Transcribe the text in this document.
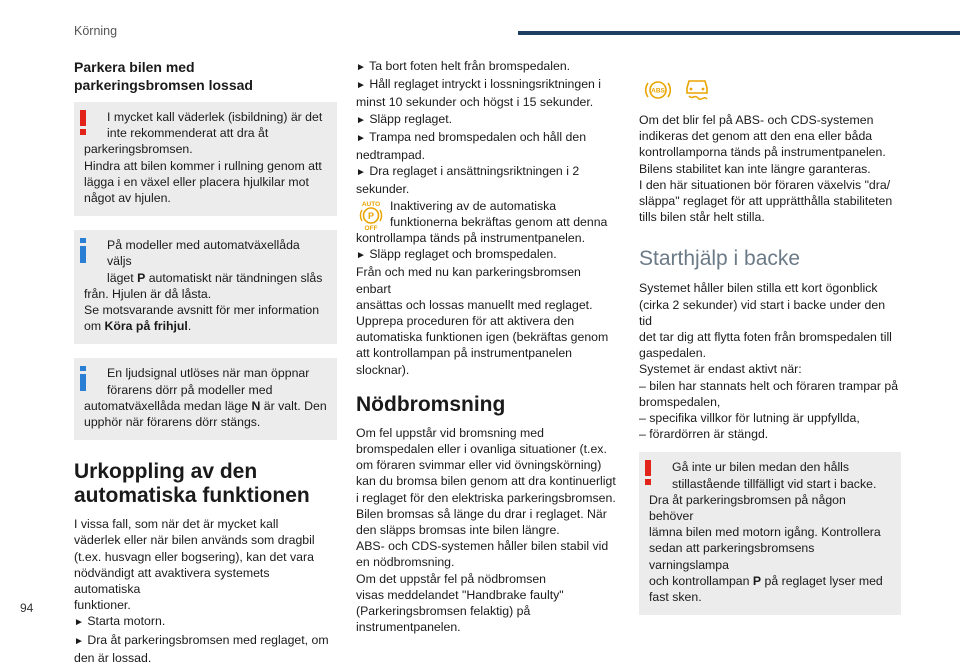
Körning
Parkera bilen med
parkeringsbromsen lossad

I mycket kall väderlek (isbildning) är det
inte rekommenderat att dra åt

parkeringsbromsen.
Hindra att bilen kommer i rullning genom att
lägga i en växel eller placera hjulkilar mot
något av hjulen.

På modeller med automatväxellåda väljs
läget P automatiskt när tändningen slås

från. Hjulen är då låsta.
Se motsvarande avsnitt för mer information
om Köra på frihjul.

En ljudsignal utlöses när man öppnar
förarens dörr på modeller med

automatväxellåda medan läge N är valt. Den
upphör när förarens dörr stängs.

Urkoppling av den
automatiska funktionen

I vissa fall, som när det är mycket kall
väderlek eller när bilen används som dragbil
(t.ex. husvagn eller bogsering), kan det vara
nödvändigt att avaktivera systemets automatiska
funktioner.

► Starta motorn.

► Dra åt parkeringsbromsen med reglaget, om
den är lossad.

► Ta bort foten helt från bromspedalen.

► Håll reglaget intryckt i lossningsriktningen i
minst 10 sekunder och högst i 15 sekunder.

► Släpp reglaget.

► Trampa ned bromspedalen och håll den
nedtrampad.

► Dra reglaget i ansättningsriktningen i 2
sekunder.

AUTO
P
OFF
Inaktivering av de automatiska
funktionerna bekräftas genom att denna
kontrollampa tänds på instrumentpanelen.

► Släpp reglaget och bromspedalen.

Från och med nu kan parkeringsbromsen enbart
ansättas och lossas manuellt med reglaget.
Upprepa proceduren för att aktivera den
automatiska funktionen igen (bekräftas genom
att kontrollampan på instrumentpanelen
slocknar).

Nödbromsning

Om fel uppstår vid bromsning med
bromspedalen eller i ovanliga situationer (t.ex.
om föraren svimmar eller vid övningskörning)
kan du bromsa bilen genom att dra kontinuerligt
i reglaget för den elektriska parkeringsbromsen.
Bilen bromsas så länge du drar i reglaget. När
den släpps bromsas inte bilen längre.
ABS- och CDS-systemen håller bilen stabil vid
en nödbromsning.
Om det uppstår fel på nödbromsen
visas meddelandet "Handbrake faulty"
(Parkeringsbromsen felaktig) på
instrumentpanelen.

ABS

Om det blir fel på ABS- och CDS-systemen
indikeras det genom att den ena eller båda
kontrollamporna tänds på instrumentpanelen.
Bilens stabilitet kan inte längre garanteras.
I den här situationen bör föraren växelvis "dra/
släppa" reglaget för att upprätthålla stabiliteten
tills bilen står helt stilla.

Starthjälp i backe

Systemet håller bilen stilla ett kort ögonblick
(cirka 2 sekunder) vid start i backe under den tid
det tar dig att flytta foten från bromspedalen till
gaspedalen.
Systemet är endast aktivt när:

– bilen har stannats helt och föraren trampar på
bromspedalen,

– specifika villkor för lutning är uppfyllda,

– förardörren är stängd.

Gå inte ur bilen medan den hålls
stillastående tillfälligt vid start i backe.

Dra åt parkeringsbromsen på någon behöver
lämna bilen med motorn igång. Kontrollera
sedan att parkeringsbromsens varningslampa
och kontrollampan P på reglaget lyser med
fast sken.

94
